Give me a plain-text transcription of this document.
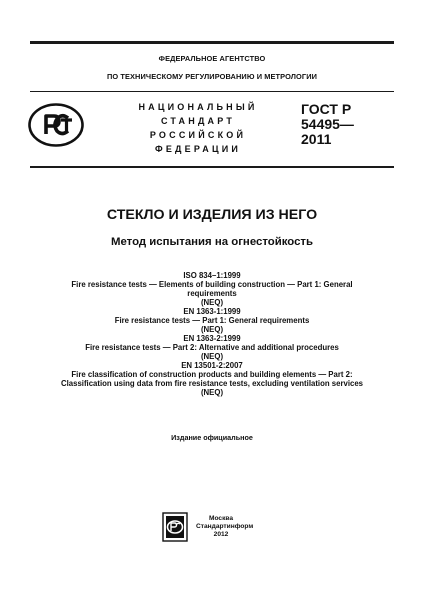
ФЕДЕРАЛЬНОЕ АГЕНТСТВО
ПО ТЕХНИЧЕСКОМУ РЕГУЛИРОВАНИЮ И МЕТРОЛОГИИ
НАЦИОНАЛЬНЫЙ
СТАНДАРТ
РОССИЙСКОЙ
ФЕДЕРАЦИИ
ГОСТ Р
54495—
2011
СТЕКЛО И ИЗДЕЛИЯ ИЗ НЕГО
Метод испытания на огнестойкость
ISO 834–1:1999
Fire resistance tests — Elements of building construction — Part 1: General
requirements
(NEQ)
EN 1363-1:1999
Fire resistance tests — Part 1: General requirements
(NEQ)
EN 1363-2:1999
Fire resistance tests — Part 2: Alternative and additional procedures
(NEQ)
EN 13501-2:2007
Fire classification of construction products and building elements — Part 2:
Classification using data from fire resistance tests, excluding ventilation services
(NEQ)
Издание официальное
Москва
Стандартинформ
2012
